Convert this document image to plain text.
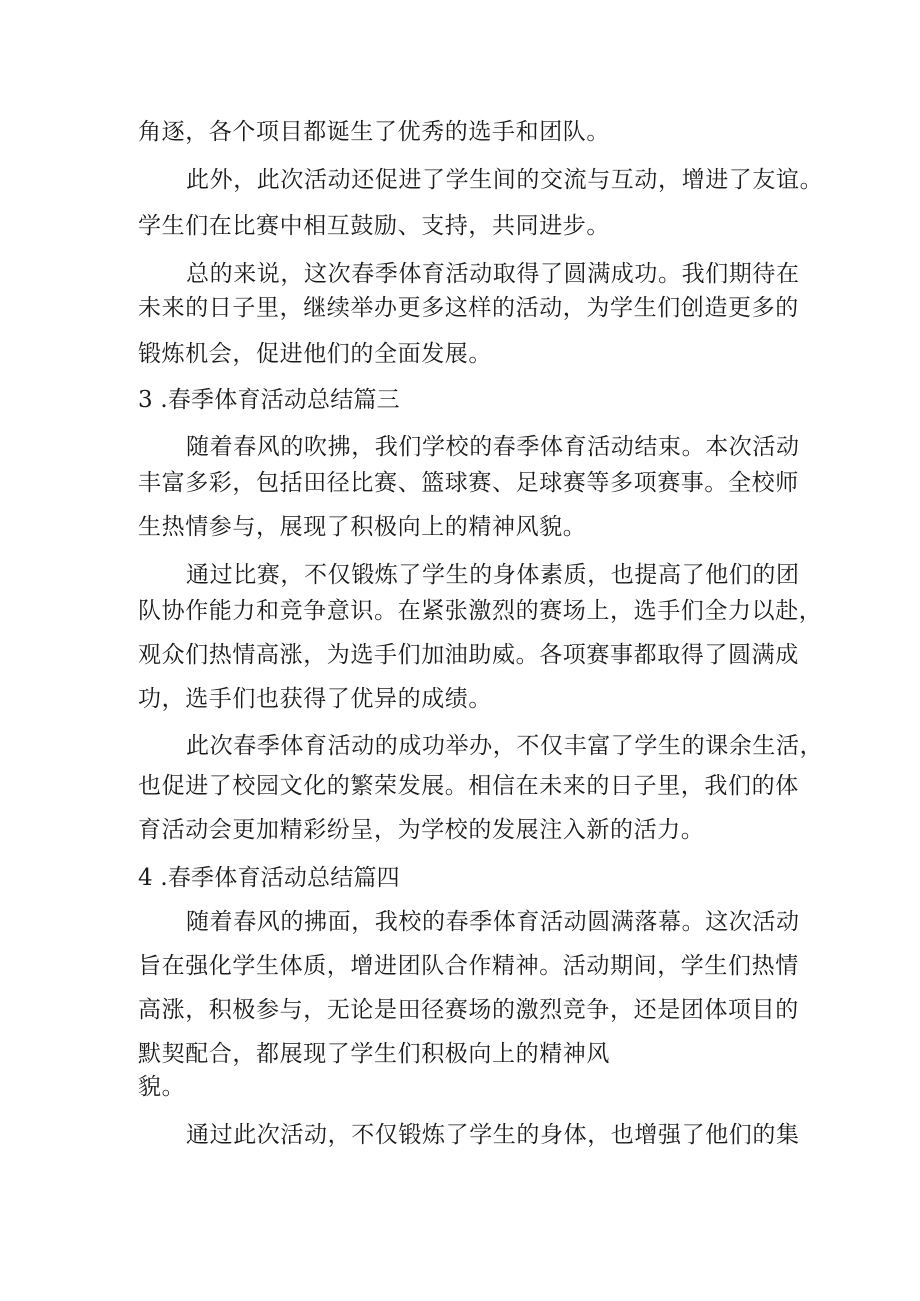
角逐，各个项目都诞生了优秀的选手和团队。
此外，此次活动还促进了学生间的交流与互动，增进了友谊。
学生们在比赛中相互鼓励、支持，共同进步。
总的来说，这次春季体育活动取得了圆满成功。我们期待在
未来的日子里，继续举办更多这样的活动，为学生们创造更多的
锻炼机会，促进他们的全面发展。
3 .春季体育活动总结篇三
随着春风的吹拂，我们学校的春季体育活动结束。本次活动
丰富多彩，包括田径比赛、篮球赛、足球赛等多项赛事。全校师
生热情参与，展现了积极向上的精神风貌。
通过比赛，不仅锻炼了学生的身体素质，也提高了他们的团
队协作能力和竞争意识。在紧张激烈的赛场上，选手们全力以赴，
观众们热情高涨，为选手们加油助威。各项赛事都取得了圆满成
功，选手们也获得了优异的成绩。
此次春季体育活动的成功举办，不仅丰富了学生的课余生活，
也促进了校园文化的繁荣发展。相信在未来的日子里，我们的体
育活动会更加精彩纷呈，为学校的发展注入新的活力。
4 .春季体育活动总结篇四
随着春风的拂面，我校的春季体育活动圆满落幕。这次活动
旨在强化学生体质，增进团队合作精神。活动期间，学生们热情
高涨，积极参与，无论是田径赛场的激烈竞争，还是团体项目的
默契配合，都展现了学生们积极向上的精神风
貌。
通过此次活动，不仅锻炼了学生的身体，也增强了他们的集
